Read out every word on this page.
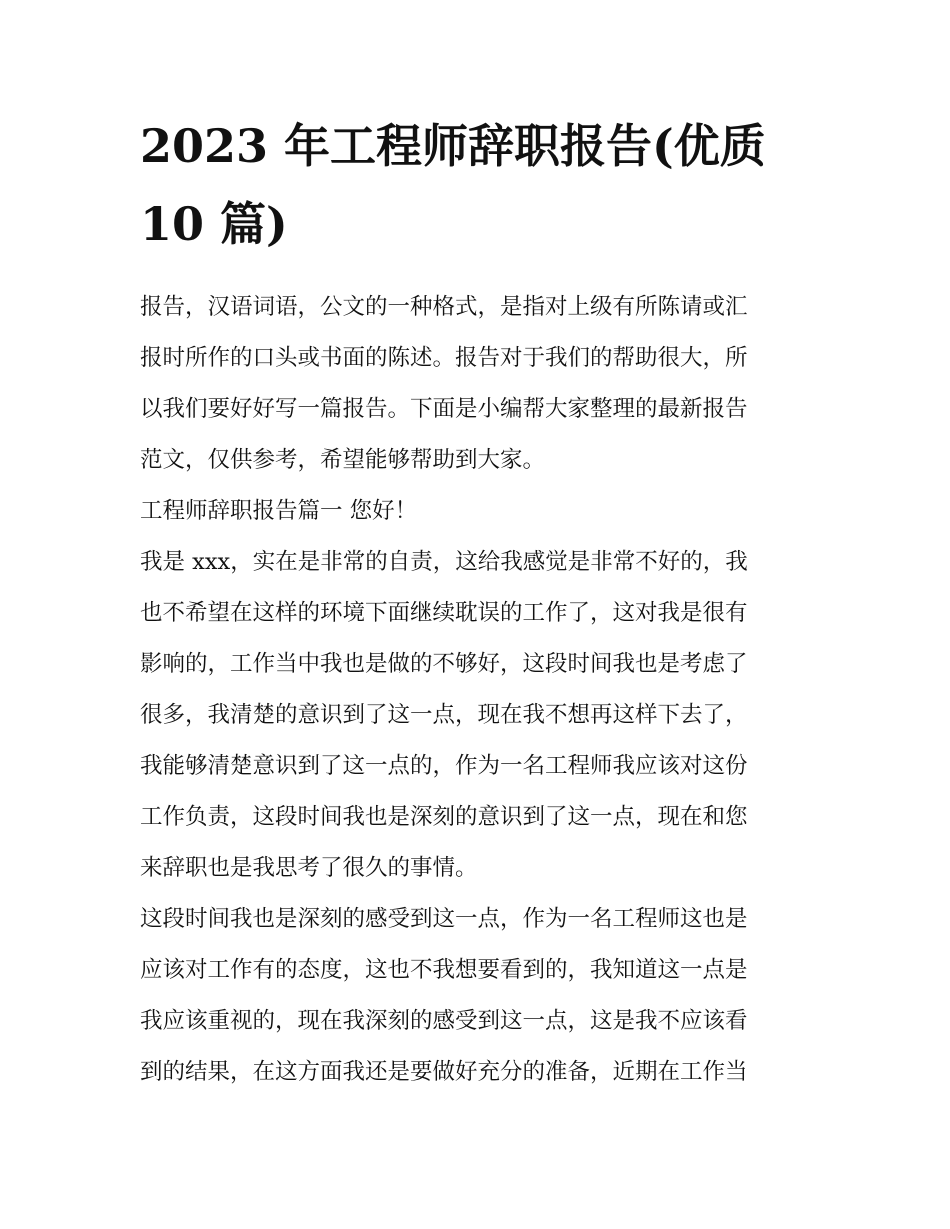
2023 年工程师辞职报告(优质
10 篇)
报告，汉语词语，公文的一种格式，是指对上级有所陈请或汇
报时所作的口头或书面的陈述。报告对于我们的帮助很大，所
以我们要好好写一篇报告。下面是小编帮大家整理的最新报告
范文，仅供参考，希望能够帮助到大家。
工程师辞职报告篇一 您好！
我是 xxx，实在是非常的自责，这给我感觉是非常不好的，我
也不希望在这样的环境下面继续耽误的工作了，这对我是很有
影响的，工作当中我也是做的不够好，这段时间我也是考虑了
很多，我清楚的意识到了这一点，现在我不想再这样下去了，
我能够清楚意识到了这一点的，作为一名工程师我应该对这份
工作负责，这段时间我也是深刻的意识到了这一点，现在和您
来辞职也是我思考了很久的事情。
这段时间我也是深刻的感受到这一点，作为一名工程师这也是
应该对工作有的态度，这也不我想要看到的，我知道这一点是
我应该重视的，现在我深刻的感受到这一点，这是我不应该看
到的结果，在这方面我还是要做好充分的准备，近期在工作当
